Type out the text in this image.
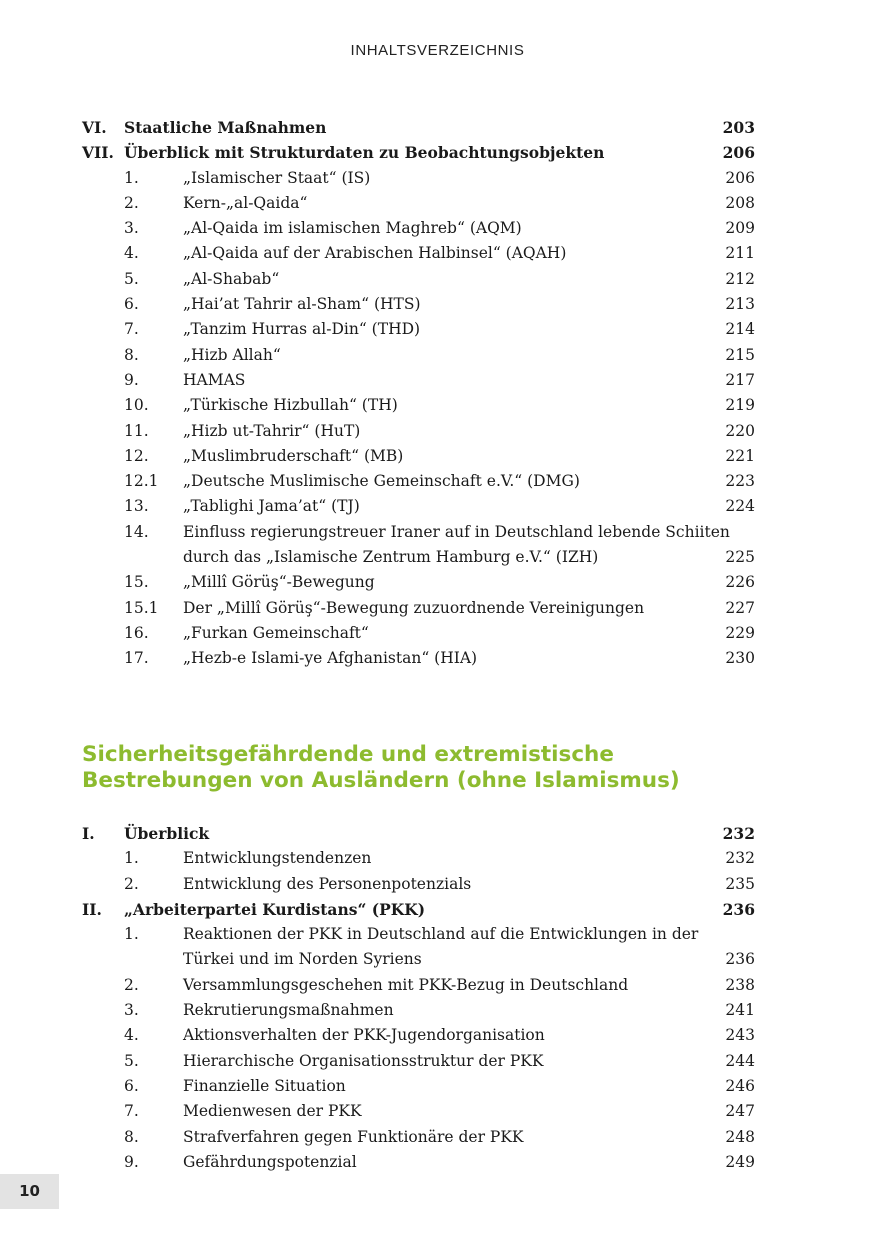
INHALTSVERZEICHNIS
VI.	Staatliche Maßnahmen	203
VII. Überblick mit Strukturdaten zu Beobachtungsobjekten	206
1.	„Islamischer Staat“ (IS)	206
2.	Kern-„al-Qaida“	208
3.	„Al-Qaida im islamischen Maghreb“ (AQM)	209
4.	„Al-Qaida auf der Arabischen Halbinsel“ (AQAH)	211
5.	„Al-Shabab“	212
6.	„Hai’at Tahrir al-Sham“ (HTS)	213
7.	„Tanzim Hurras al-Din“ (THD)	214
8.	„Hizb Allah“	215
9.	HAMAS	217
10.	„Türkische Hizbullah“ (TH)	219
11.	„Hizb ut-Tahrir“ (HuT)	220
12.	„Muslimbruderschaft“ (MB)	221
12.1	„Deutsche Muslimische Gemeinschaft e.V.“ (DMG)	223
13.	„Tablighi Jama’at“ (TJ)	224
14.	Einfluss regierungstreuer Iraner auf in Deutschland lebende Schiiten
durch das „Islamische Zentrum Hamburg e.V.“ (IZH)	225
15.	„Millî Görüş“-Bewegung	226
15.1	Der „Millî Görüş“-Bewegung zuzuordnende Vereinigungen	227
16.	„Furkan Gemeinschaft“	229
17.	„Hezb-e Islami-ye Afghanistan“ (HIA)	230
Sicherheitsgefährdende und extremistische Bestrebungen von Ausländern (ohne Islamismus)
I.	Überblick	232
1.	Entwicklungstendenzen	232
2.	Entwicklung des Personenpotenzials	235
II.	„Arbeiterpartei Kurdistans“ (PKK)	236
1.	Reaktionen der PKK in Deutschland auf die Entwicklungen in der
Türkei und im Norden Syriens	236
2.	Versammlungsgeschehen mit PKK-Bezug in Deutschland	238
3.	Rekrutierungsmaßnahmen	241
4.	Aktionsverhalten der PKK-Jugendorganisation	243
5.	Hierarchische Organisationsstruktur der PKK	244
6.	Finanzielle Situation	246
7.	Medienwesen der PKK	247
8.	Strafverfahren gegen Funktionäre der PKK	248
9.	Gefährdungspotenzial	249
10
